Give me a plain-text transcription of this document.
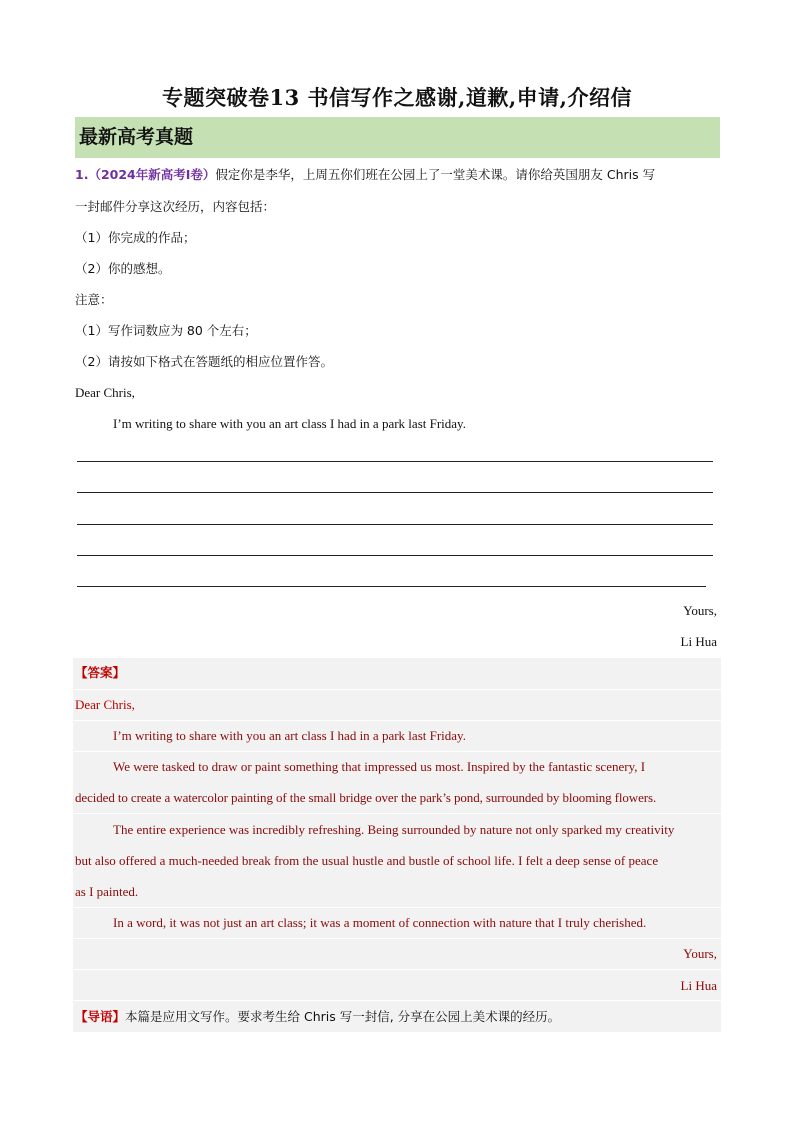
专题突破卷13 书信写作之感谢,道歉,申请,介绍信
最新高考真题
1.（2024年新高考I卷）假定你是李华，上周五你们班在公园上了一堂美术课。请你给英国朋友 Chris 写
一封邮件分享这次经历，内容包括：
（1）你完成的作品；
（2）你的感想。
注意：
（1）写作词数应为 80 个左右；
（2）请按如下格式在答题纸的相应位置作答。
Dear Chris,
I’m writing to share with you an art class I had in a park last Friday.
Yours,
Li Hua
【答案】
Dear Chris,
I’m writing to share with you an art class I had in a park last Friday.
We were tasked to draw or paint something that impressed us most. Inspired by the fantastic scenery, I
decided to create a watercolor painting of the small bridge over the park’s pond, surrounded by blooming flowers.
The entire experience was incredibly refreshing. Being surrounded by nature not only sparked my creativity
but also offered a much-needed break from the usual hustle and bustle of school life. I felt a deep sense of peace
as I painted.
In a word, it was not just an art class; it was a moment of connection with nature that I truly cherished.
Yours,
Li Hua
【导语】本篇是应用文写作。要求考生给 Chris 写一封信, 分享在公园上美术课的经历。
